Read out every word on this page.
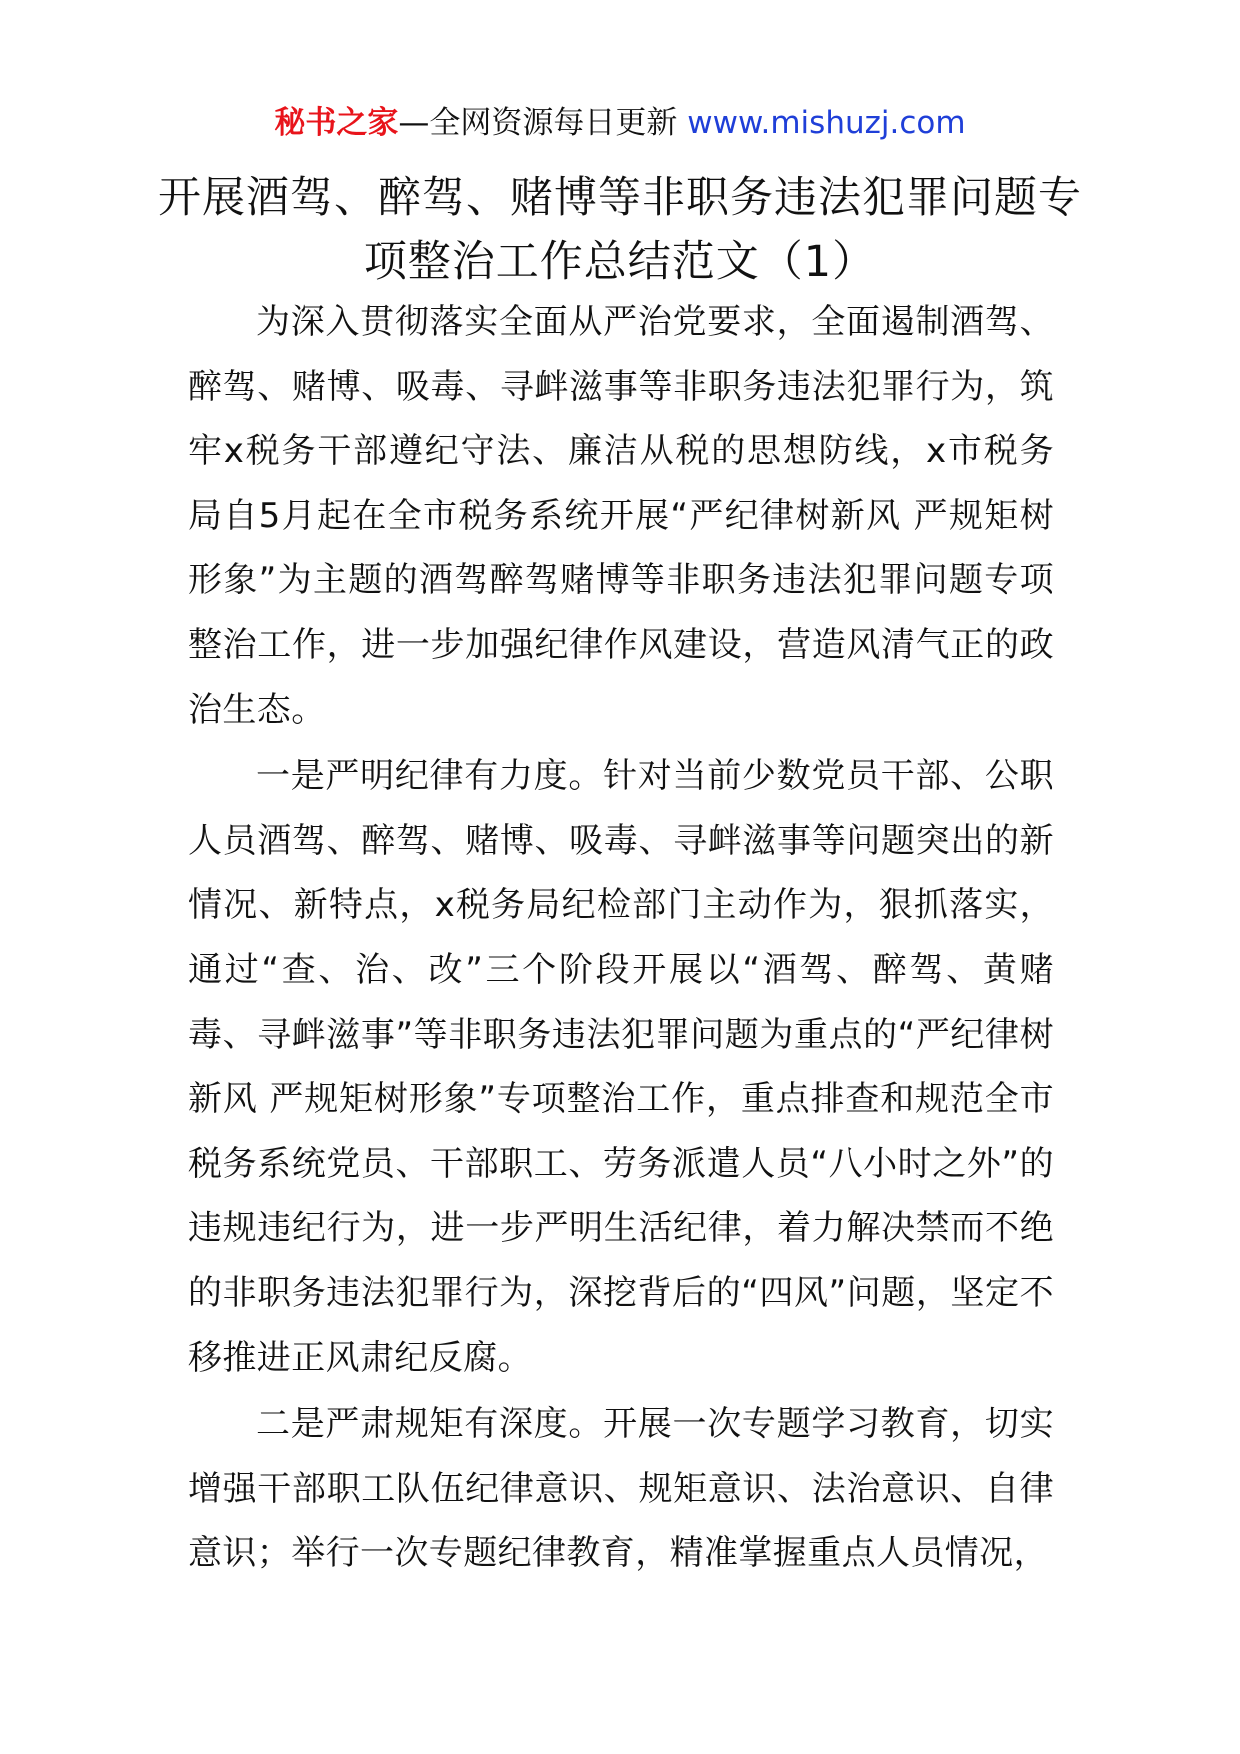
秘书之家—全网资源每日更新 www.mishuzj.com
开展酒驾、醉驾、赌博等非职务违法犯罪问题专项整治工作总结范文（1）

为深入贯彻落实全面从严治党要求，全面遏制酒驾、醉驾、赌博、吸毒、寻衅滋事等非职务违法犯罪行为，筑牢x税务干部遵纪守法、廉洁从税的思想防线，x市税务局自5月起在全市税务系统开展“严纪律树新风 严规矩树形象”为主题的酒驾醉驾赌博等非职务违法犯罪问题专项整治工作，进一步加强纪律作风建设，营造风清气正的政治生态。

一是严明纪律有力度。针对当前少数党员干部、公职人员酒驾、醉驾、赌博、吸毒、寻衅滋事等问题突出的新情况、新特点，x税务局纪检部门主动作为，狠抓落实，通过“查、治、改”三个阶段开展以“酒驾、醉驾、黄赌毒、寻衅滋事”等非职务违法犯罪问题为重点的“严纪律树新风 严规矩树形象”专项整治工作，重点排查和规范全市税务系统党员、干部职工、劳务派遣人员“八小时之外”的违规违纪行为，进一步严明生活纪律，着力解决禁而不绝的非职务违法犯罪行为，深挖背后的“四风”问题，坚定不移推进正风肃纪反腐。

二是严肃规矩有深度。开展一次专题学习教育，切实增强干部职工队伍纪律意识、规矩意识、法治意识、自律意识；举行一次专题纪律教育，精准掌握重点人员情况，
